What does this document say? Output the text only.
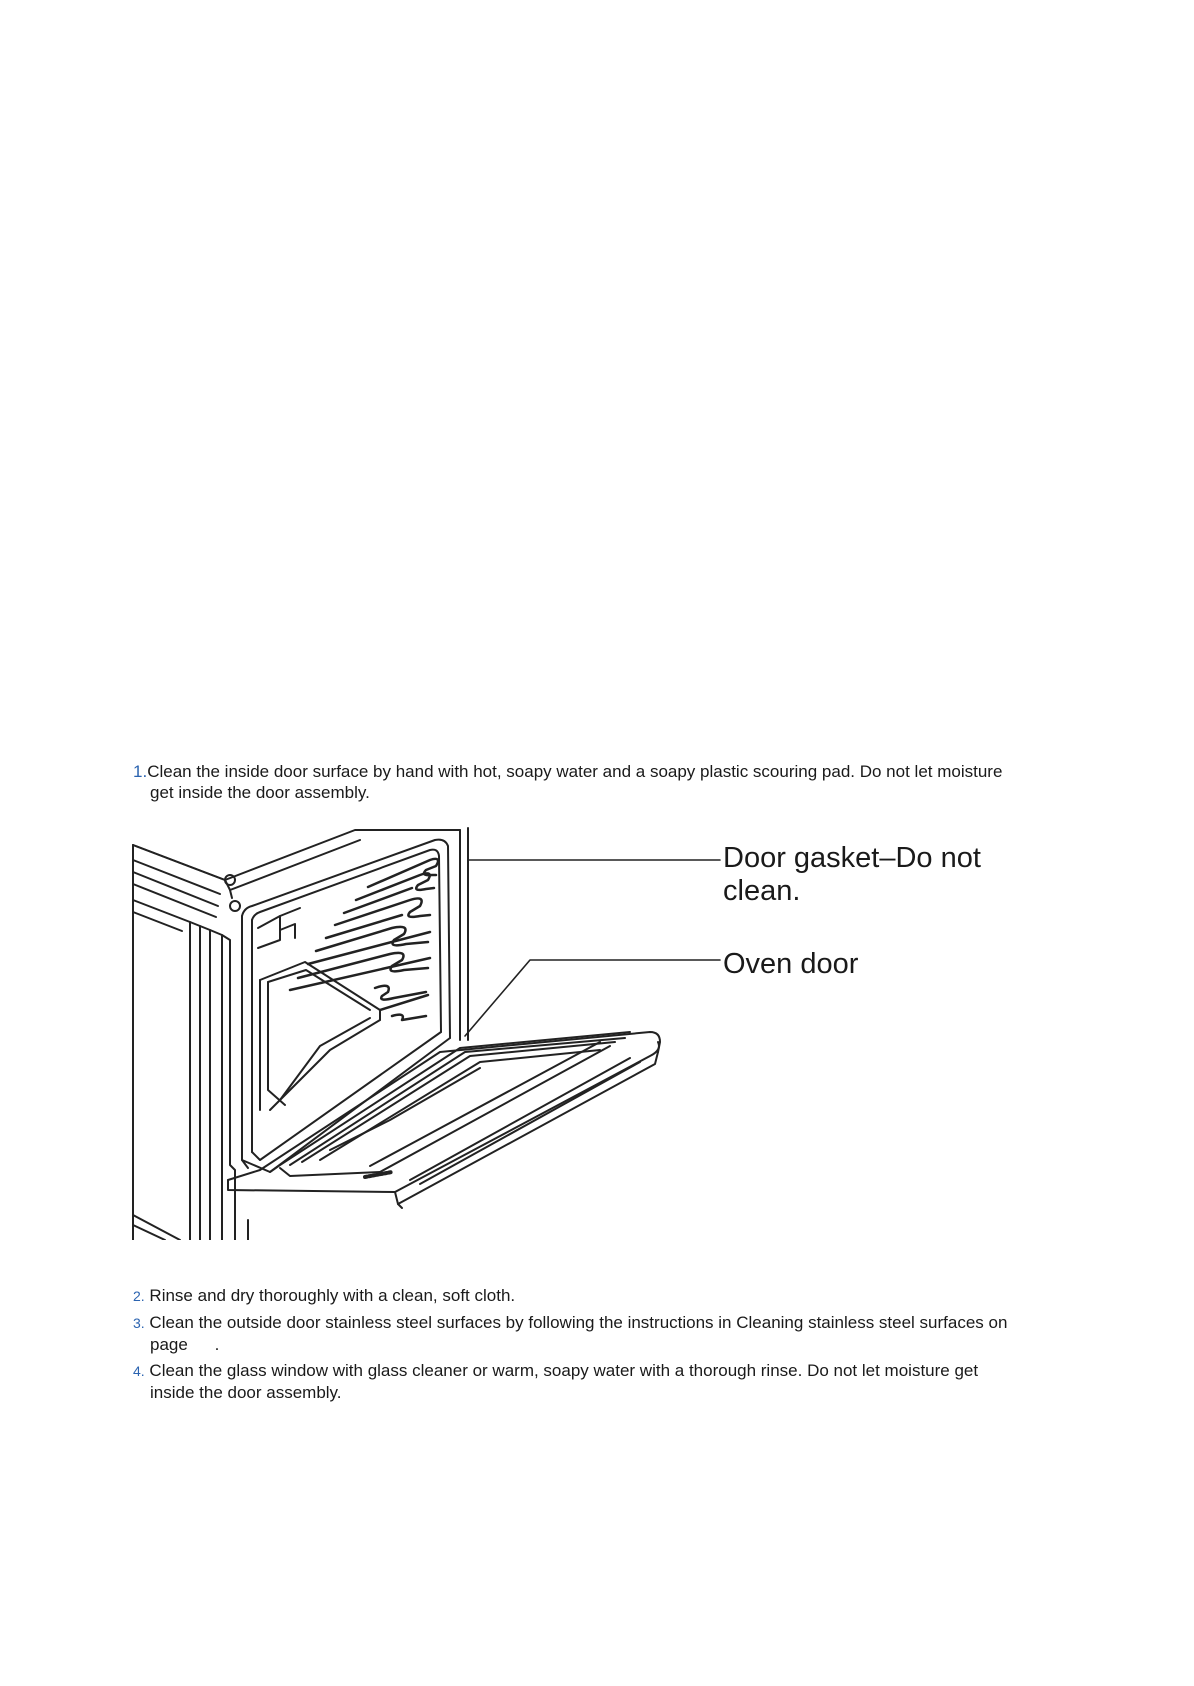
1.Clean the inside door surface by hand with hot, soapy water and a soapy plastic scouring pad. Do not let moisture
get inside the door assembly.
Door gasket–Do not
clean.
Oven door
2. Rinse and dry thoroughly with a clean, soft cloth.
3. Clean the outside door stainless steel surfaces by following the instructions in Cleaning stainless steel surfaces on
page .
4. Clean the glass window with glass cleaner or warm, soapy water with a thorough rinse. Do not let moisture get
inside the door assembly.
